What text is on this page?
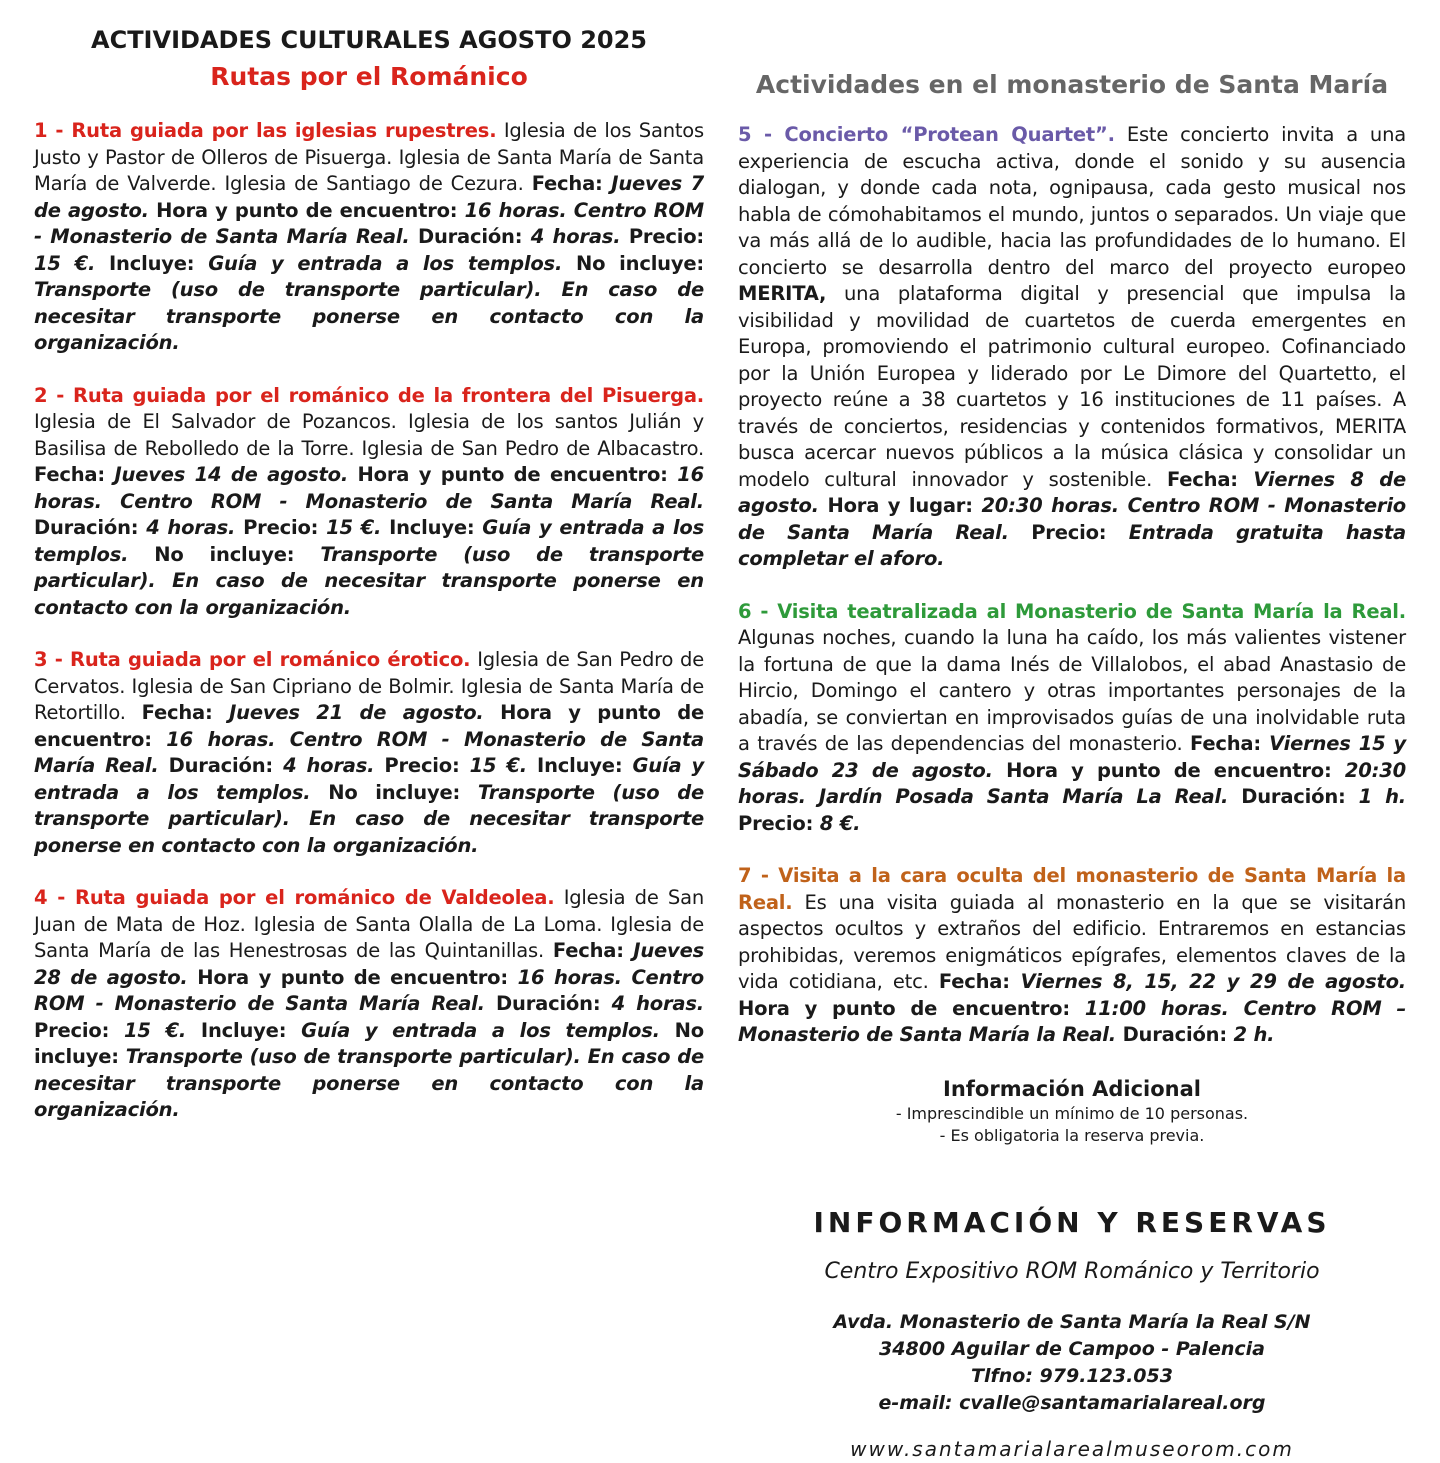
ACTIVIDADES CULTURALES AGOSTO 2025
Rutas por el Románico

1 - Ruta guiada por las iglesias rupestres. Iglesia de los Santos Justo y Pastor de Olleros de Pisuerga. Iglesia de Santa María de Santa María de Valverde. Iglesia de Santiago de Cezura. Fecha: Jueves 7 de agosto. Hora y punto de encuentro: 16 horas. Centro ROM - Monasterio de Santa María Real. Duración: 4 horas. Precio: 15 €. Incluye: Guía y entrada a los templos. No incluye: Transporte (uso de transporte particular). En caso de necesitar transporte ponerse en contacto con la organización.

2 - Ruta guiada por el románico de la frontera del Pisuerga. Iglesia de El Salvador de Pozancos. Iglesia de los santos Julián y Basilisa de Rebolledo de la Torre. Iglesia de San Pedro de Albacastro. Fecha: Jueves 14 de agosto. Hora y punto de encuentro: 16 horas. Centro ROM - Monasterio de Santa María Real. Duración: 4 horas. Precio: 15 €. Incluye: Guía y entrada a los templos. No incluye: Transporte (uso de transporte particular). En caso de necesitar transporte ponerse en contacto con la organización.

3 - Ruta guiada por el románico érotico. Iglesia de San Pedro de Cervatos. Iglesia de San Cipriano de Bolmir. Iglesia de Santa María de Retortillo. Fecha: Jueves 21 de agosto. Hora y punto de encuentro: 16 horas. Centro ROM - Monasterio de Santa María Real. Duración: 4 horas. Precio: 15 €. Incluye: Guía y entrada a los templos. No incluye: Transporte (uso de transporte particular). En caso de necesitar transporte ponerse en contacto con la organización.

4 - Ruta guiada por el románico de Valdeolea. Iglesia de San Juan de Mata de Hoz. Iglesia de Santa Olalla de La Loma. Iglesia de Santa María de las Henestrosas de las Quintanillas. Fecha: Jueves 28 de agosto. Hora y punto de encuentro: 16 horas. Centro ROM - Monasterio de Santa María Real. Duración: 4 horas. Precio: 15 €. Incluye: Guía y entrada a los templos. No incluye: Transporte (uso de transporte particular). En caso de necesitar transporte ponerse en contacto con la organización.

Actividades en el monasterio de Santa María

5 - Concierto “Protean Quartet”. Este concierto invita a una experiencia de escucha activa, donde el sonido y su ausencia dialogan, y donde cada nota, ognipausa, cada gesto musical nos habla de cómohabitamos el mundo, juntos o separados. Un viaje que va más allá de lo audible, hacia las profundidades de lo humano. El concierto se desarrolla dentro del marco del proyecto europeo MERITA, una plataforma digital y presencial que impulsa la visibilidad y movilidad de cuartetos de cuerda emergentes en Europa, promoviendo el patrimonio cultural europeo. Cofinanciado por la Unión Europea y liderado por Le Dimore del Quartetto, el proyecto reúne a 38 cuartetos y 16 instituciones de 11 países. A través de conciertos, residencias y contenidos formativos, MERITA busca acercar nuevos públicos a la música clásica y consolidar un modelo cultural innovador y sostenible. Fecha: Viernes 8 de agosto. Hora y lugar: 20:30 horas. Centro ROM - Monasterio de Santa María Real. Precio: Entrada gratuita hasta completar el aforo.

6 - Visita teatralizada al Monasterio de Santa María la Real. Algunas noches, cuando la luna ha caído, los más valientes vistener la fortuna de que la dama Inés de Villalobos, el abad Anastasio de Hircio, Domingo el cantero y otras importantes personajes de la abadía, se conviertan en improvisados guías de una inolvidable ruta a través de las dependencias del monasterio. Fecha: Viernes 15 y Sábado 23 de agosto. Hora y punto de encuentro: 20:30 horas. Jardín Posada Santa María La Real. Duración: 1 h. Precio: 8 €.

7 - Visita a la cara oculta del monasterio de Santa María la Real. Es una visita guiada al monasterio en la que se visitarán aspectos ocultos y extraños del edificio. Entraremos en estancias prohibidas, veremos enigmáticos epígrafes, elementos claves de la vida cotidiana, etc. Fecha: Viernes 8, 15, 22 y 29 de agosto. Hora y punto de encuentro: 11:00 horas. Centro ROM – Monasterio de Santa María la Real. Duración: 2 h.

Información Adicional
- Imprescindible un mínimo de 10 personas.
- Es obligatoria la reserva previa.
INFORMACIÓN Y RESERVAS
Centro Expositivo ROM Románico y Territorio
Avda. Monasterio de Santa María la Real S/N
34800 Aguilar de Campoo - Palencia
Tlfno: 979.123.053
e-mail: cvalle@santamarialareal.org
www.santamarialarealmuseorom.com
